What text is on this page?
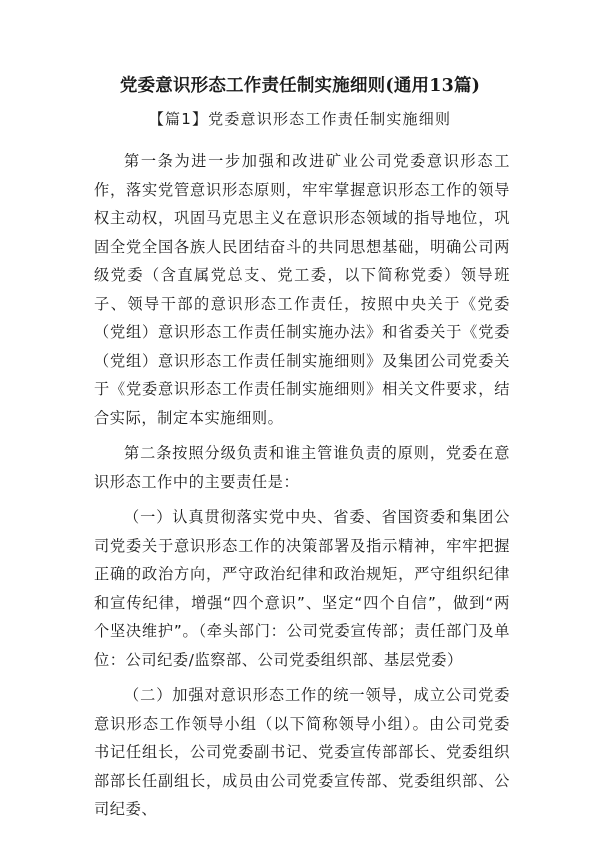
党委意识形态工作责任制实施细则(通用13篇)
【篇1】党委意识形态工作责任制实施细则

第一条为进一步加强和改进矿业公司党委意识形态工作，落实党管意识形态原则，牢牢掌握意识形态工作的领导权主动权，巩固马克思主义在意识形态领域的指导地位，巩固全党全国各族人民团结奋斗的共同思想基础，明确公司两级党委（含直属党总支、党工委，以下简称党委）领导班子、领导干部的意识形态工作责任，按照中央关于《党委（党组）意识形态工作责任制实施办法》和省委关于《党委（党组）意识形态工作责任制实施细则》及集团公司党委关于《党委意识形态工作责任制实施细则》相关文件要求，结合实际，制定本实施细则。

第二条按照分级负责和谁主管谁负责的原则，党委在意识形态工作中的主要责任是：

（一）认真贯彻落实党中央、省委、省国资委和集团公司党委关于意识形态工作的决策部署及指示精神，牢牢把握正确的政治方向，严守政治纪律和政治规矩，严守组织纪律和宣传纪律，增强“四个意识”、坚定“四个自信”，做到“两个坚决维护”。（牵头部门：公司党委宣传部；责任部门及单位：公司纪委/监察部、公司党委组织部、基层党委）

（二）加强对意识形态工作的统一领导，成立公司党委意识形态工作领导小组（以下简称领导小组）。由公司党委书记任组长，公司党委副书记、党委宣传部部长、党委组织部部长任副组长，成员由公司党委宣传部、党委组织部、公司纪委、
